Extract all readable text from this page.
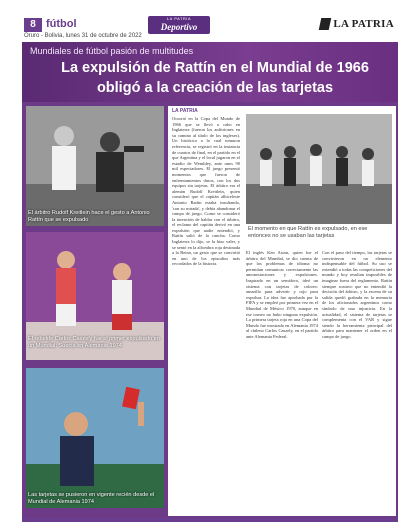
8 fútbol
Oruro - Bolivia, lunes 31 de octubre de 2022
LA PATRIA
Deportivo	LA PATRIA
Mundiales de fútbol pasión de multitudes
La expulsión de Rattín en el Mundial de 1966 obligó a la creación de las tarjetas
El árbitro Rudolf Kreitlein hace el gesto a Antonio Rattín que se expulsado
El rebelde Carlos Caszely fue el primer expulsado en un Mundial: Suecia en Alemania 1974
Las tarjetas se pusieron en vigente recién desde el Mundial de Alemania 1974
LA PATRIA
Ocurrió en la Copa del Mundo de 1966 que se llevó a cabo en Inglaterra (fueron los anfitriones en su camino al título de los ingleses). Un histórico a lo cual tomaron referencia, se registró en la instancia de cuartos de final, en el partido en el que Argentina y el local jugaron en el estadio de Wembley, ante unos 90 mil espectadores. El juego presentó momentos que fueron de enfrentamientos duros, con los dos equipos sin tarjetas. El árbitro era el alemán Rudolf Kreitlein, quien consideró que el capitán albiceleste Antonio Rattín estaba insultando, 'con su mirada', y debía abandonar el campo de juego. Como se consideró la intención de hablar con el árbitro, el reclamo del capitán derivó en una expulsión que nadie entendió, y Rattín salió de la cancha. Como Inglaterra lo dijo, se la hizo valer, y se sentó en la alfombra roja destinada a la Reina, un gesto que se convirtió en uno de los episodios más recordados de la historia.
El momento en que Rattín es expulsado, en ese entonces no se usaban las tarjetas
El inglés Ken Aston, quien fue el árbitro del Mundial, se dio cuenta de que los problemas de idioma no permitían comunicar correctamente las amonestaciones y expulsiones. Inspirado en un semáforo, ideó un sistema con tarjetas de colores: amarillo para advertir y rojo para expulsar. La idea fue aprobada por la FIFA y se empleó por primera vez en el Mundial de México 1970, aunque en ese torneo no hubo ninguna expulsión. La primera tarjeta roja en una Copa del Mundo fue mostrada en Alemania 1974 al chileno Carlos Caszely, en el partido ante Alemania Federal.
Con el paso del tiempo, las tarjetas se convirtieron en un elemento indispensable del fútbol. Su uso se extendió a todas las competiciones del mundo y hoy resultan imposibles de imaginar fuera del reglamento. Rattín siempre sostuvo que no entendió la decisión del árbitro, y la escena de su salida quedó grabada en la memoria de los aficionados argentinos como símbolo de una injusticia. En la actualidad, el sistema de tarjetas se complementa con el VAR y sigue siendo la herramienta principal del árbitro para mantener el orden en el campo de juego.
